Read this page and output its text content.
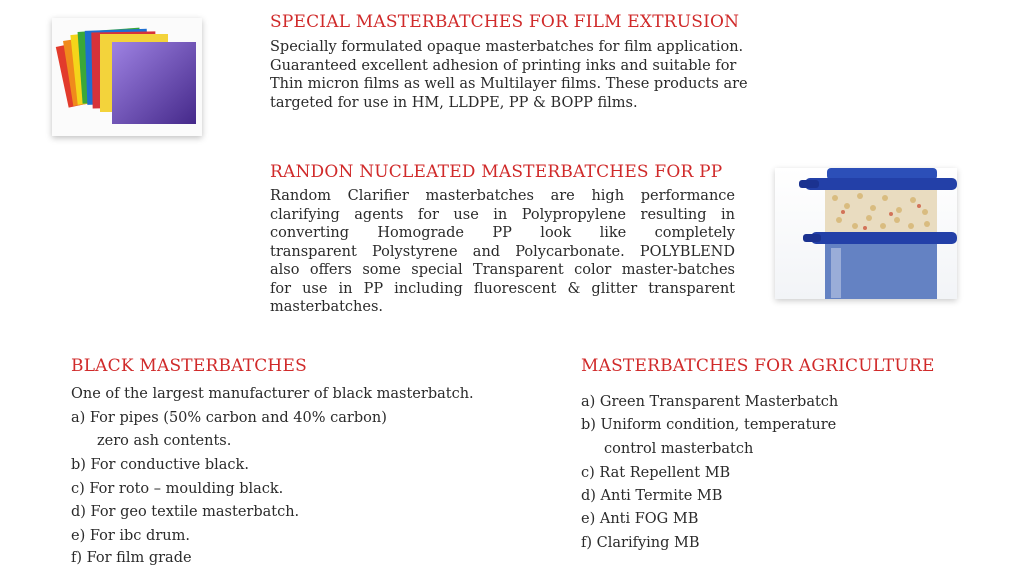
SPECIAL MASTERBATCHES FOR FILM EXTRUSION
Specially formulated opaque masterbatches for film application.
Guaranteed excellent adhesion of printing inks and suitable for
Thin micron films as well as Multilayer films. These products are
targeted for use in HM, LLDPE, PP & BOPP films.
RANDON NUCLEATED MASTERBATCHES FOR PP
Random Clarifier masterbatches are high performance
clarifying agents for use in Polypropylene resulting in
converting Homograde PP look like completely
transparent Polystyrene and Polycarbonate. POLYBLEND
also offers some special Transparent color master-batches
for use in PP including fluorescent & glitter transparent
masterbatches.
BLACK MASTERBATCHES
One of the largest manufacturer of black masterbatch.
a) For pipes (50% carbon and 40% carbon)
zero ash contents.
b) For conductive black.
c) For roto – moulding black.
d) For geo textile masterbatch.
e) For ibc drum.
f) For film grade
MASTERBATCHES FOR AGRICULTURE
a) Green Transparent Masterbatch
b) Uniform condition, temperature
control masterbatch
c) Rat Repellent MB
d) Anti Termite MB
e) Anti FOG MB
f) Clarifying MB
